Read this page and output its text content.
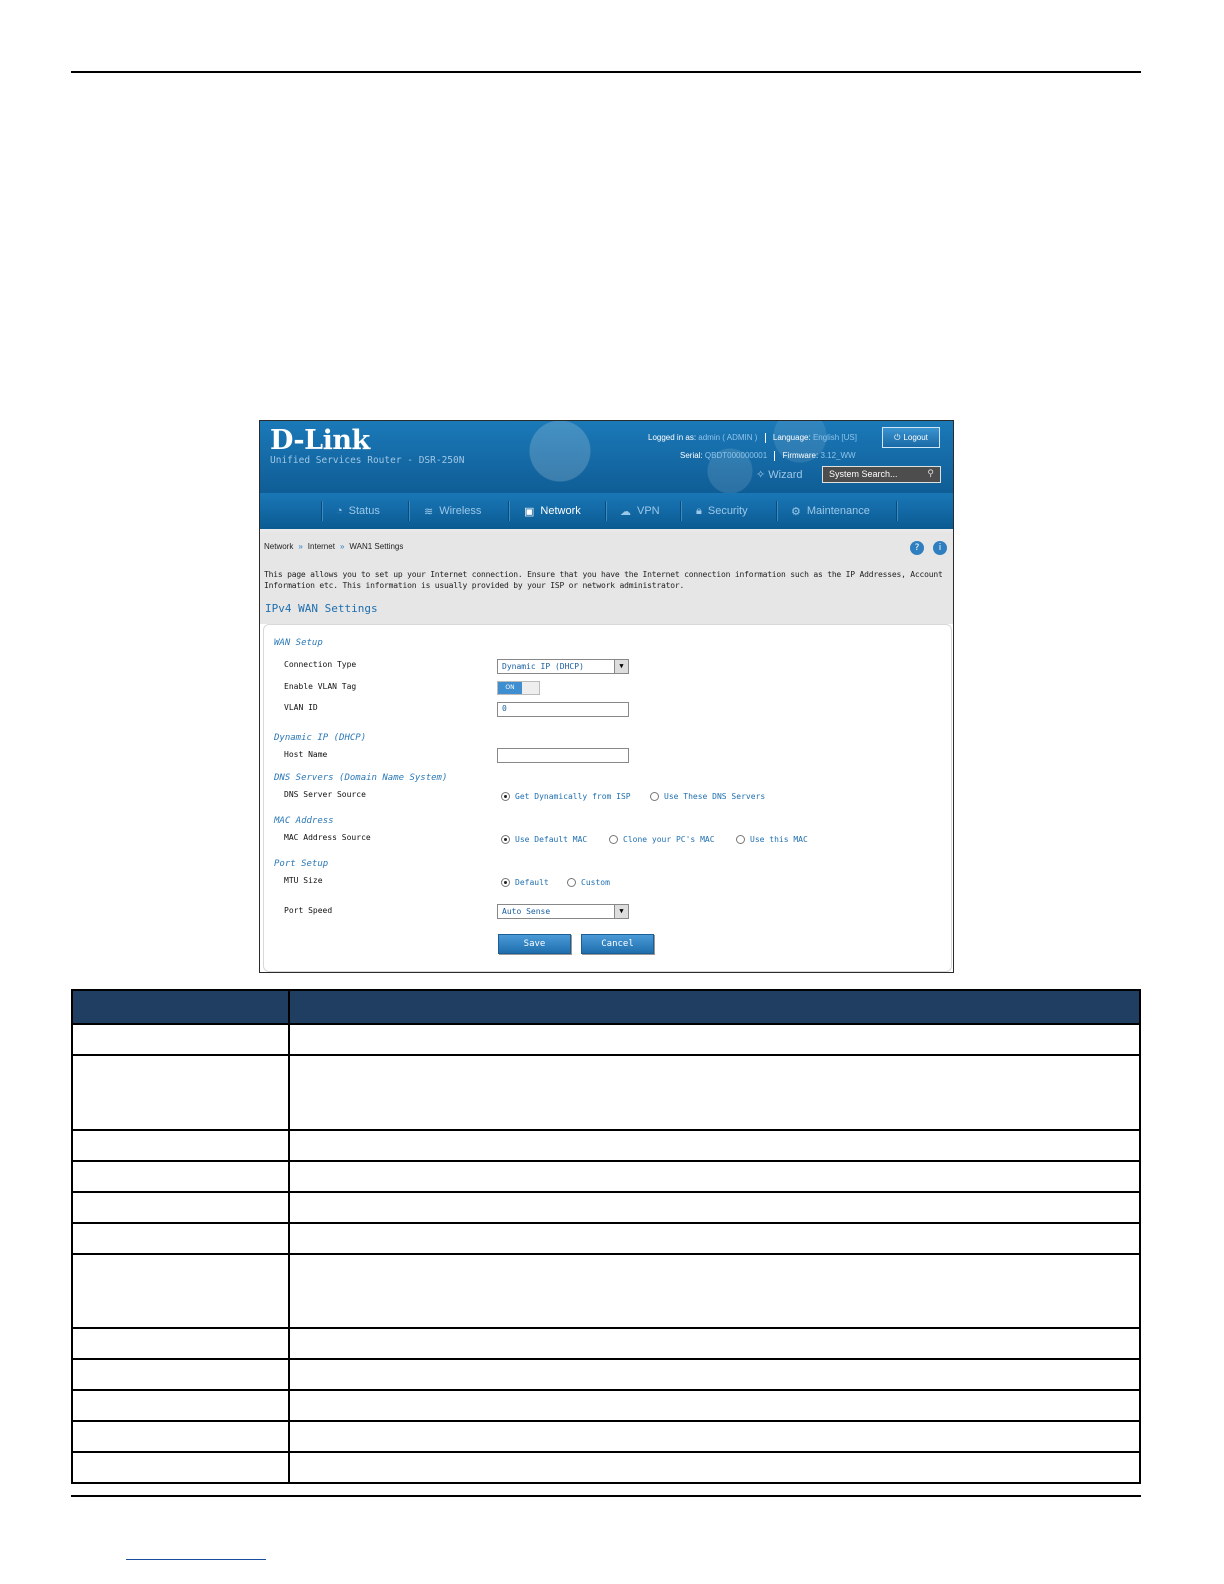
D-Link
Unified Services Router - DSR-250N
Logged in as: admin ( ADMIN ) Language: English [US]	⏻ Logout
Serial: QBDT000000001 Firmware: 3.12_WW
✧ Wizard	System Search...	⚲
◔ Status	≋ Wireless	▣ Network	☁ VPN	🔒︎ Security	⚙ Maintenance
Network » Internet » WAN1 Settings	?	i
This page allows you to set up your Internet connection. Ensure that you have the Internet connection information such as the IP Addresses, Account Information etc. This information is usually provided by your ISP or network administrator.
IPv4 WAN Settings
WAN Setup
Connection Type	Dynamic IP (DHCP)	▼
Enable VLAN Tag	ON
VLAN ID	0
Dynamic IP (DHCP)
Host Name
DNS Servers (Domain Name System)
DNS Server Source	Get Dynamically from ISP	Use These DNS Servers
MAC Address
MAC Address Source	Use Default MAC	Clone your PC's MAC	Use this MAC
Port Setup
MTU Size	Default	Custom
Port Speed	Auto Sense	▼
Save	Cancel
